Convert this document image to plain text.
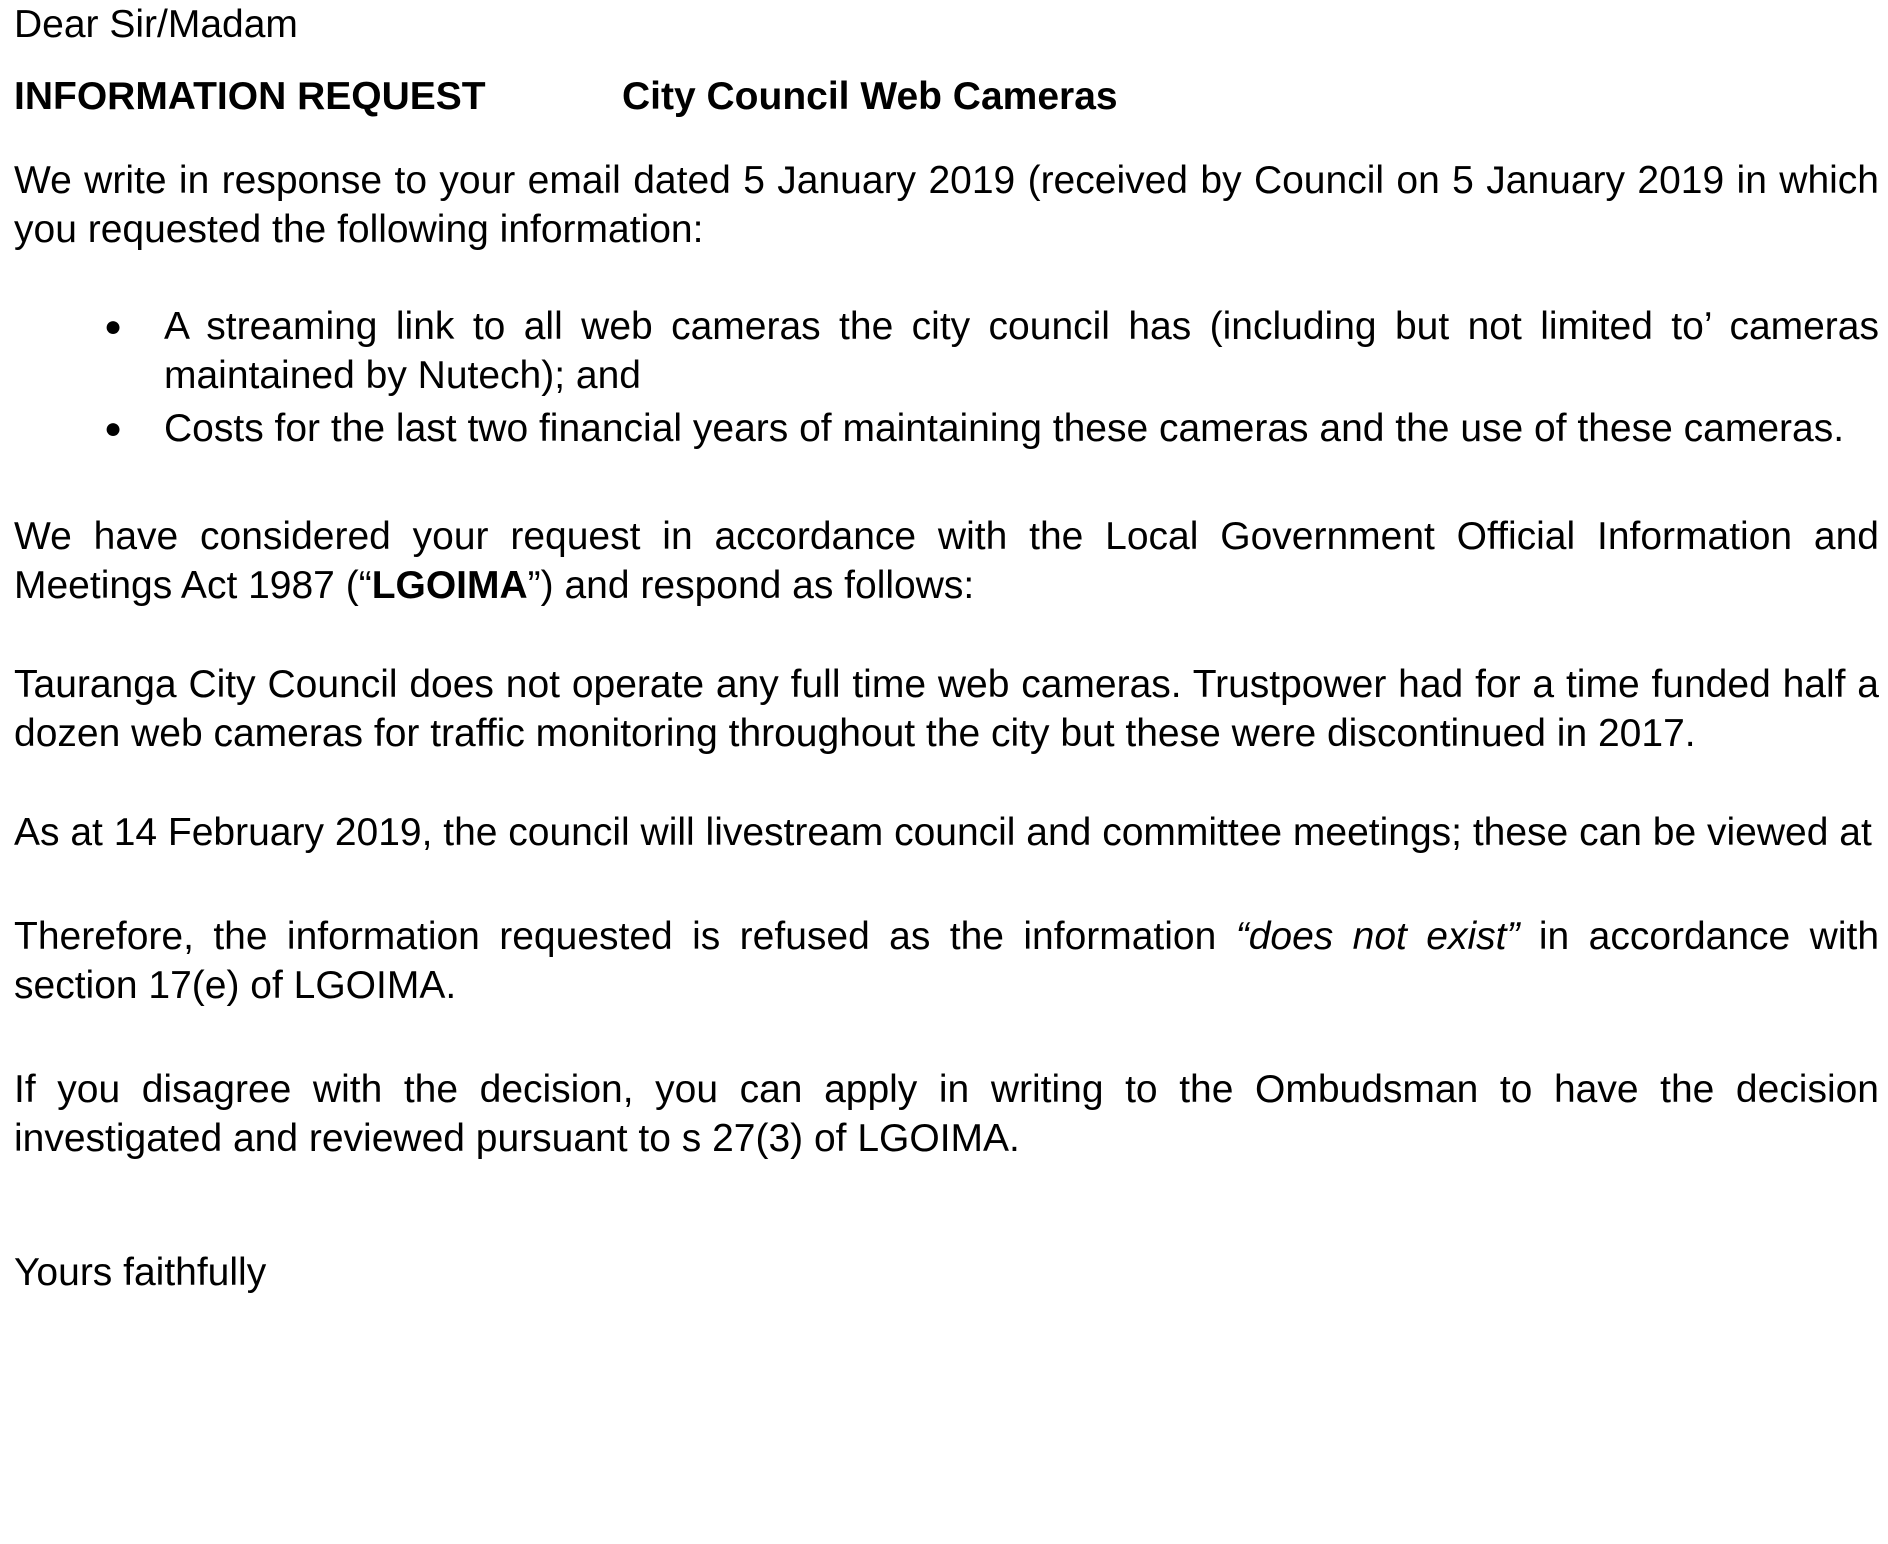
Dear Sir/Madam
INFORMATION REQUEST	City Council Web Cameras

We write in response to your email dated 5 January 2019 (received by Council on 5 January 2019 in which you requested the following information:

● A streaming link to all web cameras the city council has (including but not limited to’ cameras maintained by Nutech); and
● Costs for the last two financial years of maintaining these cameras and the use of these cameras.

We have considered your request in accordance with the Local Government Official Information and Meetings Act 1987 (“LGOIMA”) and respond as follows:

Tauranga City Council does not operate any full time web cameras. Trustpower had for a time funded half a dozen web cameras for traffic monitoring throughout the city but these were discontinued in 2017.

As at 14 February 2019, the council will livestream council and committee meetings; these can be viewed at

Therefore, the information requested is refused as the information “does not exist” in accordance with section 17(e) of LGOIMA.

If you disagree with the decision, you can apply in writing to the Ombudsman to have the decision investigated and reviewed pursuant to s 27(3) of LGOIMA.

Yours faithfully
